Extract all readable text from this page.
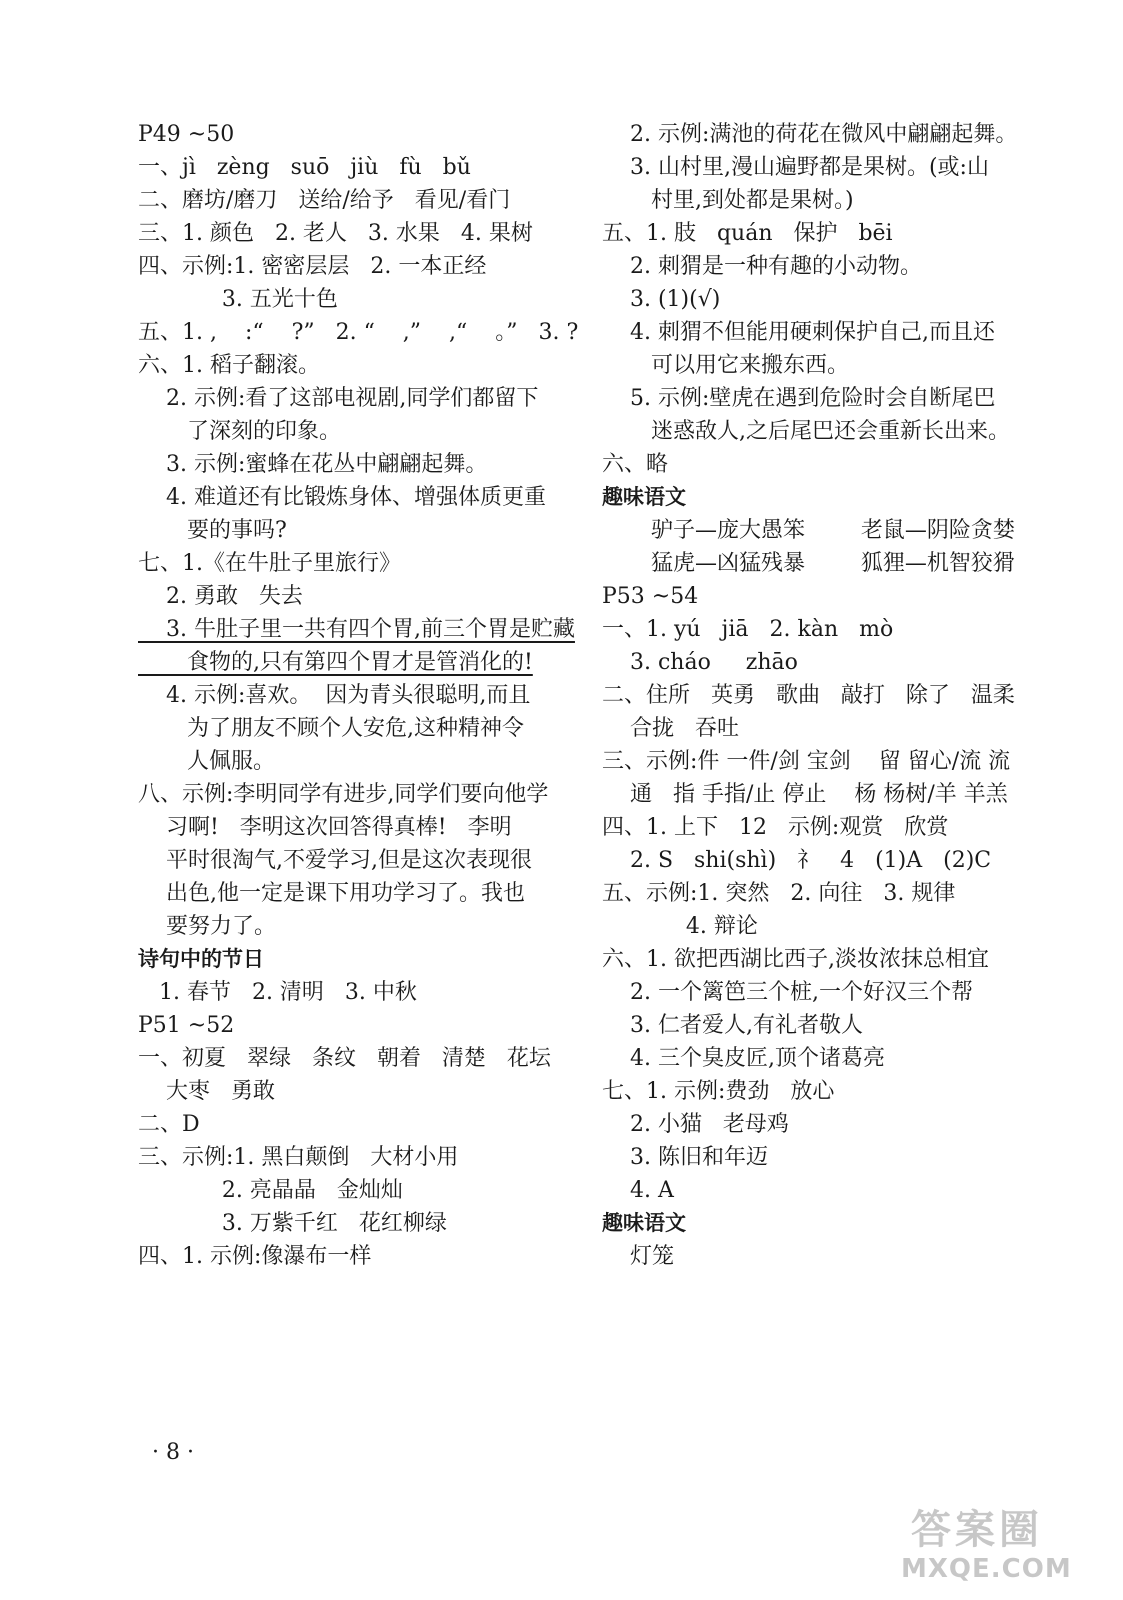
P49 ~50
一、jì   zèng   suō   jiù   fù   bǔ
二、磨坊/磨刀   送给/给予   看见/看门
三、1. 颜色   2. 老人   3. 水果   4. 果树
四、示例:1. 密密层层   2. 一本正经
3. 五光十色
五、1. ,    :“    ?”   2. “    ,”    ,“    。”   3. ?
六、1. 稻子翻滚。
2. 示例:看了这部电视剧,同学们都留下
了深刻的印象。
3. 示例:蜜蜂在花丛中翩翩起舞。
4. 难道还有比锻炼身体、增强体质更重
要的事吗?
七、1.《在牛肚子里旅行》
2. 勇敢   失去
3. 牛肚子里一共有四个胃,前三个胃是贮藏
食物的,只有第四个胃才是管消化的!
4. 示例:喜欢。  因为青头很聪明,而且
为了朋友不顾个人安危,这种精神令
人佩服。
八、示例:李明同学有进步,同学们要向他学
习啊!   李明这次回答得真棒!   李明
平时很淘气,不爱学习,但是这次表现很
出色,他一定是课下用功学习了。我也
要努力了。
诗句中的节日
1. 春节   2. 清明   3. 中秋
P51 ~52
一、初夏   翠绿   条纹   朝着   清楚   花坛
大枣   勇敢
二、D
三、示例:1. 黑白颠倒   大材小用
2. 亮晶晶   金灿灿
3. 万紫千红   花红柳绿
四、1. 示例:像瀑布一样
2. 示例:满池的荷花在微风中翩翩起舞。
3. 山村里,漫山遍野都是果树。(或:山
村里,到处都是果树。)
五、1. 肢   quán   保护   bēi
2. 刺猬是一种有趣的小动物。
3. (1)(√)
4. 刺猬不但能用硬刺保护自己,而且还
可以用它来搬东西。
5. 示例:壁虎在遇到危险时会自断尾巴
迷惑敌人,之后尾巴还会重新长出来。
六、略
趣味语文
驴子—庞大愚笨        老鼠—阴险贪婪
猛虎—凶猛残暴        狐狸—机智狡猾
P53 ~54
一、1. yú   jiā   2. kàn   mò
3. cháo     zhāo
二、住所   英勇   歌曲   敲打   除了   温柔
合拢   吞吐
三、示例:件 一件/剑 宝剑    留 留心/流 流
通   指 手指/止 停止    杨 杨树/羊 羊羔
四、1. 上下   12   示例:观赏   欣赏
2. S   shi(shì)   礻   4   (1)A   (2)C
五、示例:1. 突然   2. 向往   3. 规律
4. 辩论
六、1. 欲把西湖比西子,淡妆浓抹总相宜
2. 一个篱笆三个桩,一个好汉三个帮
3. 仁者爱人,有礼者敬人
4. 三个臭皮匠,顶个诸葛亮
七、1. 示例:费劲   放心
2. 小猫   老母鸡
3. 陈旧和年迈
4. A
趣味语文
灯笼
· 8 ·
答案圈
MXQE.COM
